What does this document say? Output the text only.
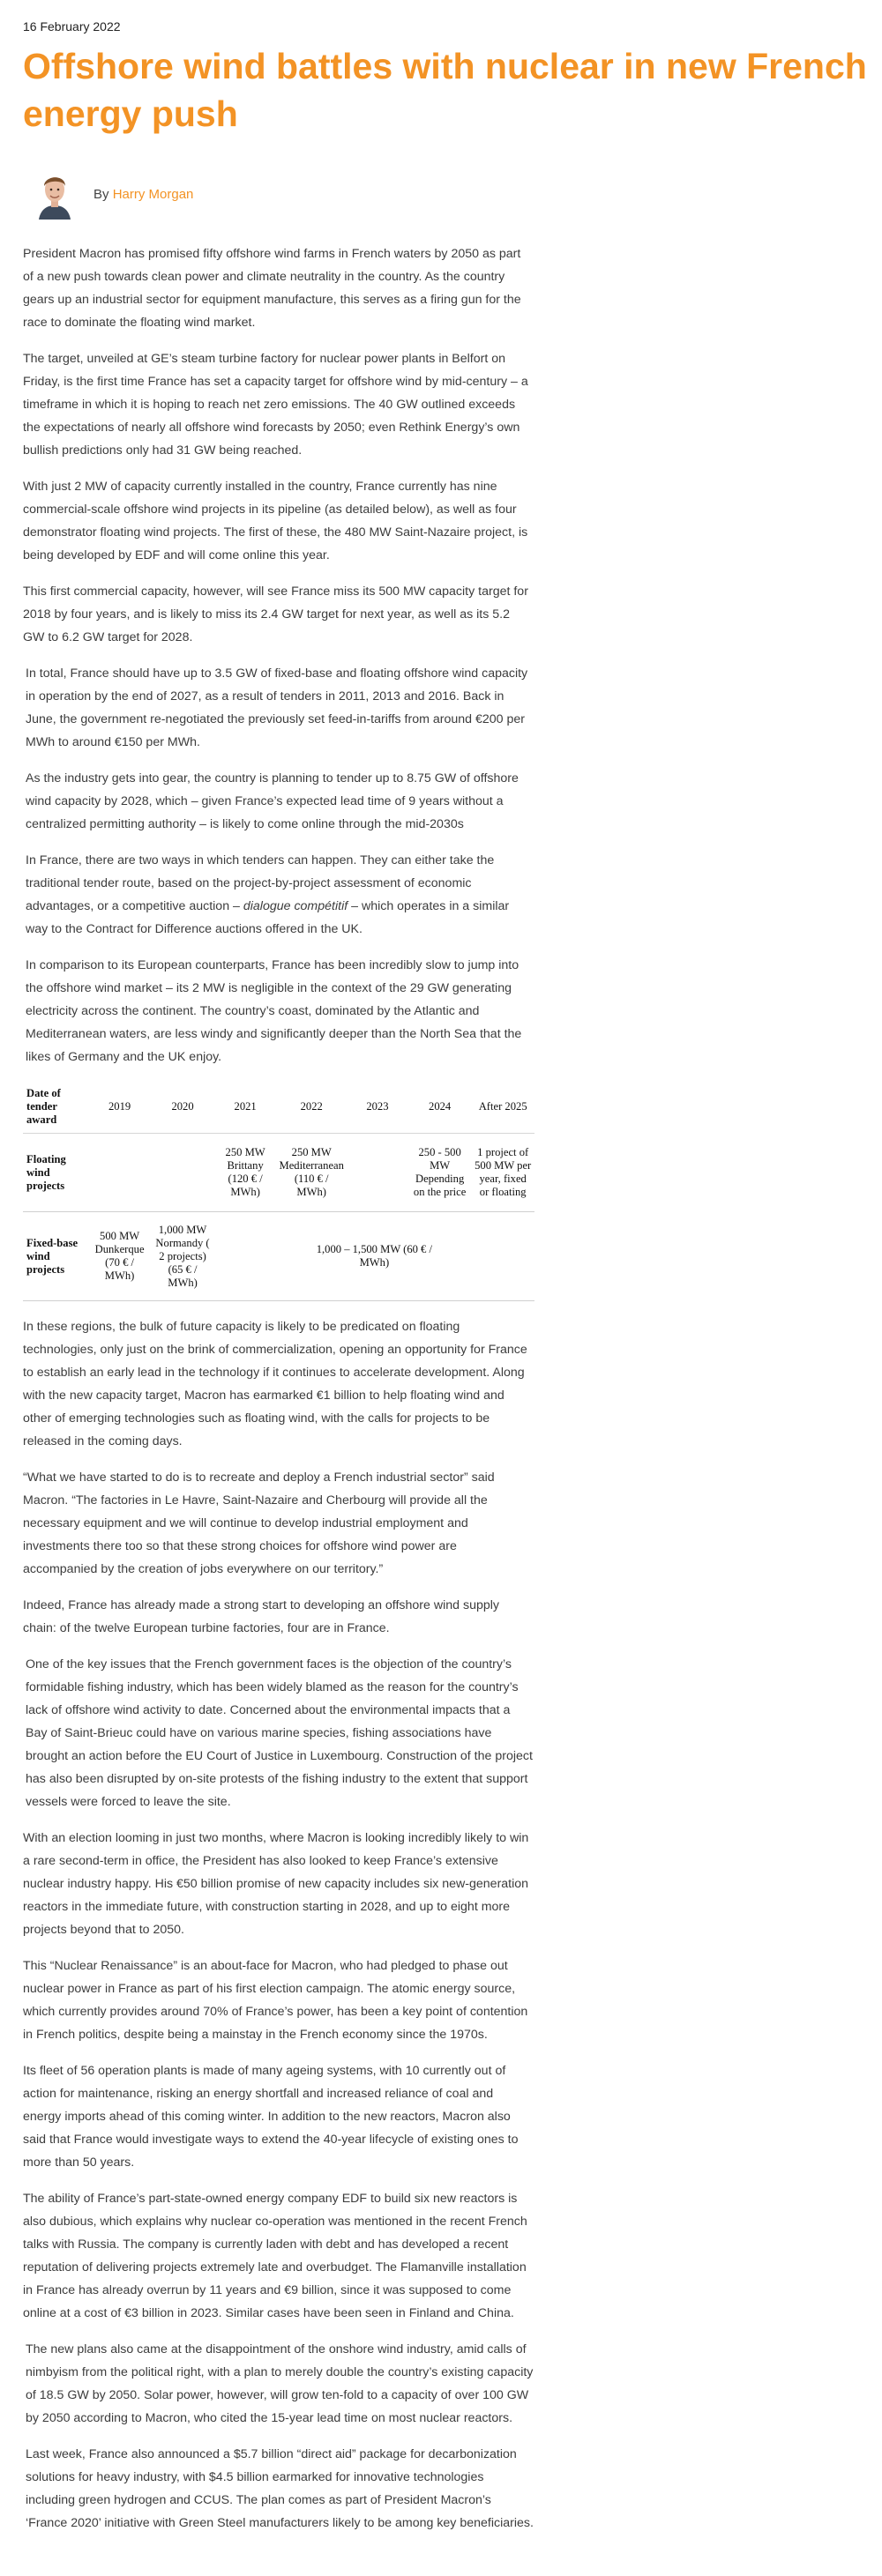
16 February 2022

Offshore wind battles with nuclear in new French energy push
By Harry Morgan

President Macron has promised fifty offshore wind farms in French waters by 2050 as part of a new push towards clean power and climate neutrality in the country. As the country gears up an industrial sector for equipment manufacture, this serves as a firing gun for the race to dominate the floating wind market.

The target, unveiled at GE’s steam turbine factory for nuclear power plants in Belfort on Friday, is the first time France has set a capacity target for offshore wind by mid-century – a timeframe in which it is hoping to reach net zero emissions. The 40 GW outlined exceeds the expectations of nearly all offshore wind forecasts by 2050; even Rethink Energy’s own bullish predictions only had 31 GW being reached.

With just 2 MW of capacity currently installed in the country, France currently has nine commercial-scale offshore wind projects in its pipeline (as detailed below), as well as four demonstrator floating wind projects. The first of these, the 480 MW Saint-Nazaire project, is being developed by EDF and will come online this year.

This first commercial capacity, however, will see France miss its 500 MW capacity target for 2018 by four years, and is likely to miss its 2.4 GW target for next year, as well as its 5.2 GW to 6.2 GW target for 2028.

In total, France should have up to 3.5 GW of fixed-base and floating offshore wind capacity in operation by the end of 2027, as a result of tenders in 2011, 2013 and 2016. Back in June, the government re-negotiated the previously set feed-in-tariffs from around €200 per MWh to around €150 per MWh.

As the industry gets into gear, the country is planning to tender up to 8.75 GW of offshore wind capacity by 2028, which – given France’s expected lead time of 9 years without a centralized permitting authority – is likely to come online through the mid-2030s

In France, there are two ways in which tenders can happen. They can either take the traditional tender route, based on the project-by-project assessment of economic advantages, or a competitive auction – dialogue compétitif – which operates in a similar way to the Contract for Difference auctions offered in the UK.

In comparison to its European counterparts, France has been incredibly slow to jump into the offshore wind market – its 2 MW is negligible in the context of the 29 GW generating electricity across the continent. The country’s coast, dominated by the Atlantic and Mediterranean waters, are less windy and significantly deeper than the North Sea that the likes of Germany and the UK enjoy.

Date of tender award	2019	2020	2021	2022	2023	2024	After 2025
Floating wind projects			250 MW Brittany (120 € / MWh)	250 MW Mediterranean (110 € / MWh)		250 - 500 MW Depending on the price	1 project of 500 MW per year, fixed or floating
Fixed-base wind projects	500 MW Dunkerque (70 € / MWh)	1,000 MW Normandy ( 2 projects) (65 € / MWh)	1,000 – 1,500 MW (60 € / MWh)				

In these regions, the bulk of future capacity is likely to be predicated on floating technologies, only just on the brink of commercialization, opening an opportunity for France to establish an early lead in the technology if it continues to accelerate development. Along with the new capacity target, Macron has earmarked €1 billion to help floating wind and other of emerging technologies such as floating wind, with the calls for projects to be released in the coming days.

“What we have started to do is to recreate and deploy a French industrial sector” said Macron. “The factories in Le Havre, Saint-Nazaire and Cherbourg will provide all the necessary equipment and we will continue to develop industrial employment and investments there too so that these strong choices for offshore wind power are accompanied by the creation of jobs everywhere on our territory.”

Indeed, France has already made a strong start to developing an offshore wind supply chain: of the twelve European turbine factories, four are in France.

One of the key issues that the French government faces is the objection of the country’s formidable fishing industry, which has been widely blamed as the reason for the country’s lack of offshore wind activity to date. Concerned about the environmental impacts that a Bay of Saint-Brieuc could have on various marine species, fishing associations have brought an action before the EU Court of Justice in Luxembourg. Construction of the project has also been disrupted by on-site protests of the fishing industry to the extent that support vessels were forced to leave the site.

With an election looming in just two months, where Macron is looking incredibly likely to win a rare second-term in office, the President has also looked to keep France’s extensive nuclear industry happy. His €50 billion promise of new capacity includes six new-generation reactors in the immediate future, with construction starting in 2028, and up to eight more projects beyond that to 2050.

This “Nuclear Renaissance” is an about-face for Macron, who had pledged to phase out nuclear power in France as part of his first election campaign. The atomic energy source, which currently provides around 70% of France’s power, has been a key point of contention in French politics, despite being a mainstay in the French economy since the 1970s.

Its fleet of 56 operation plants is made of many ageing systems, with 10 currently out of action for maintenance, risking an energy shortfall and increased reliance of coal and energy imports ahead of this coming winter. In addition to the new reactors, Macron also said that France would investigate ways to extend the 40-year lifecycle of existing ones to more than 50 years.

The ability of France’s part-state-owned energy company EDF to build six new reactors is also dubious, which explains why nuclear co-operation was mentioned in the recent French talks with Russia. The company is currently laden with debt and has developed a recent reputation of delivering projects extremely late and overbudget. The Flamanville installation in France has already overrun by 11 years and €9 billion, since it was supposed to come online at a cost of €3 billion in 2023. Similar cases have been seen in Finland and China.

The new plans also came at the disappointment of the onshore wind industry, amid calls of nimbyism from the political right, with a plan to merely double the country’s existing capacity of 18.5 GW by 2050. Solar power, however, will grow ten-fold to a capacity of over 100 GW by 2050 according to Macron, who cited the 15-year lead time on most nuclear reactors.

Last week, France also announced a $5.7 billion “direct aid” package for decarbonization solutions for heavy industry, with $4.5 billion earmarked for innovative technologies including green hydrogen and CCUS. The plan comes as part of President Macron’s ‘France 2020’ initiative with Green Steel manufacturers likely to be among key beneficiaries.
